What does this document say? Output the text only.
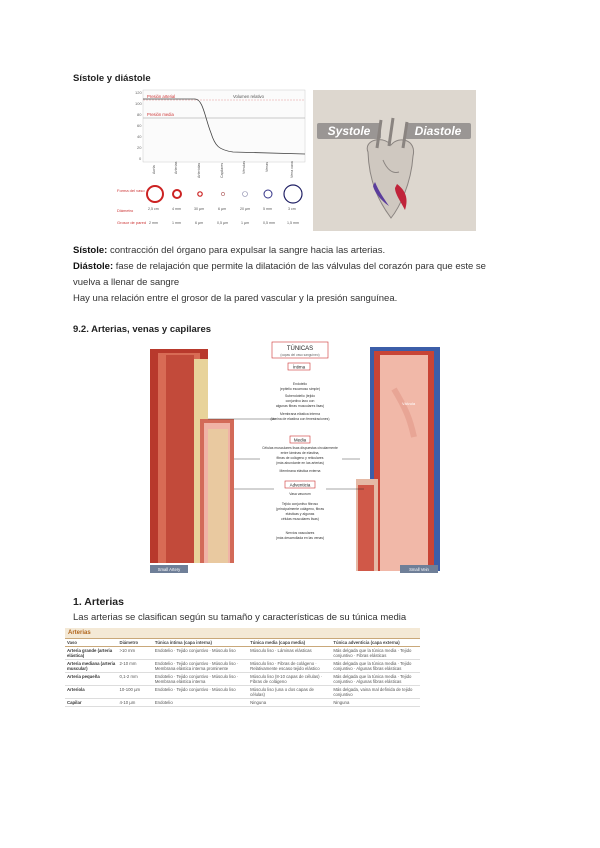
Sístole y diástole
120
100
80
60
40
20
0
Presión arterial
Presión media
Volumen relativo
Aorta	Arterias	Arteriolas	Capilares	Vénulas	Venas	Vena cava
Forma del vaso
2,5 cm	4 mm	30 µm	6 µm	20 µm	5 mm	3 cm
Diámetro
Grosor de pared 2 mm	1 mm	6 µm	0,5 µm	1 µm	0,5 mm	1,5 mm
Systole	Diastole
Sístole: contracción del órgano para expulsar la sangre hacia las arterias.
Diástole: fase de relajación que permite la dilatación de las válvulas del corazón para que este se
vuelva a llenar de sangre
Hay una relación entre el grosor de la pared vascular y la presión sanguínea.
9.2. Arterias, venas y capilares
Válvula
TÚNICAS
(capas del vaso sanguíneo)
Íntima
Endotelio
(epitelio escamoso simple)
Subendotelio (tejido
conjuntivo laxo con
algunas fibras musculares lisas)
Membrana elástica interna
(lámina de elastina con fenestraciones)
Media
Células musculares lisas dispuestas circularmente
entre láminas de elastina,
fibras de colágeno y reticulares
(más abundante en las arterias)
Membrana elástica externa
Adventicia
Vasa vasorum
Tejido conjuntivo fibroso
(principalmente colágeno, fibras
elásticas y algunas
células musculares lisas)
Nervios vasculares
(más desarrollada en las venas)
Small Artery	Small Vein
1. Arterias
Las arterias se clasifican según su tamaño y características de su túnica media
Arterias				
Vaso	Diámetro	Túnica íntima (capa interna)	Túnica media (capa media)	Túnica adventicia (capa externa)
Arteria grande (arteria elástica)	>10 mm	Endotelio · Tejido conjuntivo · Músculo liso	Músculo liso · Láminas elásticas	Más delgada que la túnica media · Tejido conjuntivo · Fibras elásticas
Arteria mediana (arteria muscular)	2-10 mm	Endotelio · Tejido conjuntivo · Músculo liso · Membrana elástica interna prominente	Músculo liso · Fibras de colágeno · Relativamente escaso tejido elástico	Más delgada que la túnica media · Tejido conjuntivo · Algunas fibras elásticas
Arteria pequeña	0,1-2 mm	Endotelio · Tejido conjuntivo · Músculo liso · Membrana elástica interna	Músculo liso (8-10 capas de células) · Fibras de colágeno	Más delgada que la túnica media · Tejido conjuntivo · Algunas fibras elásticas
Arteriola	10-100 µm	Endotelio · Tejido conjuntivo · Músculo liso	Músculo liso (una o dos capas de células)	Más delgada, vaina mal definida de tejido conjuntivo
Capilar	4-10 µm	Endotelio	Ninguna	Ninguna
